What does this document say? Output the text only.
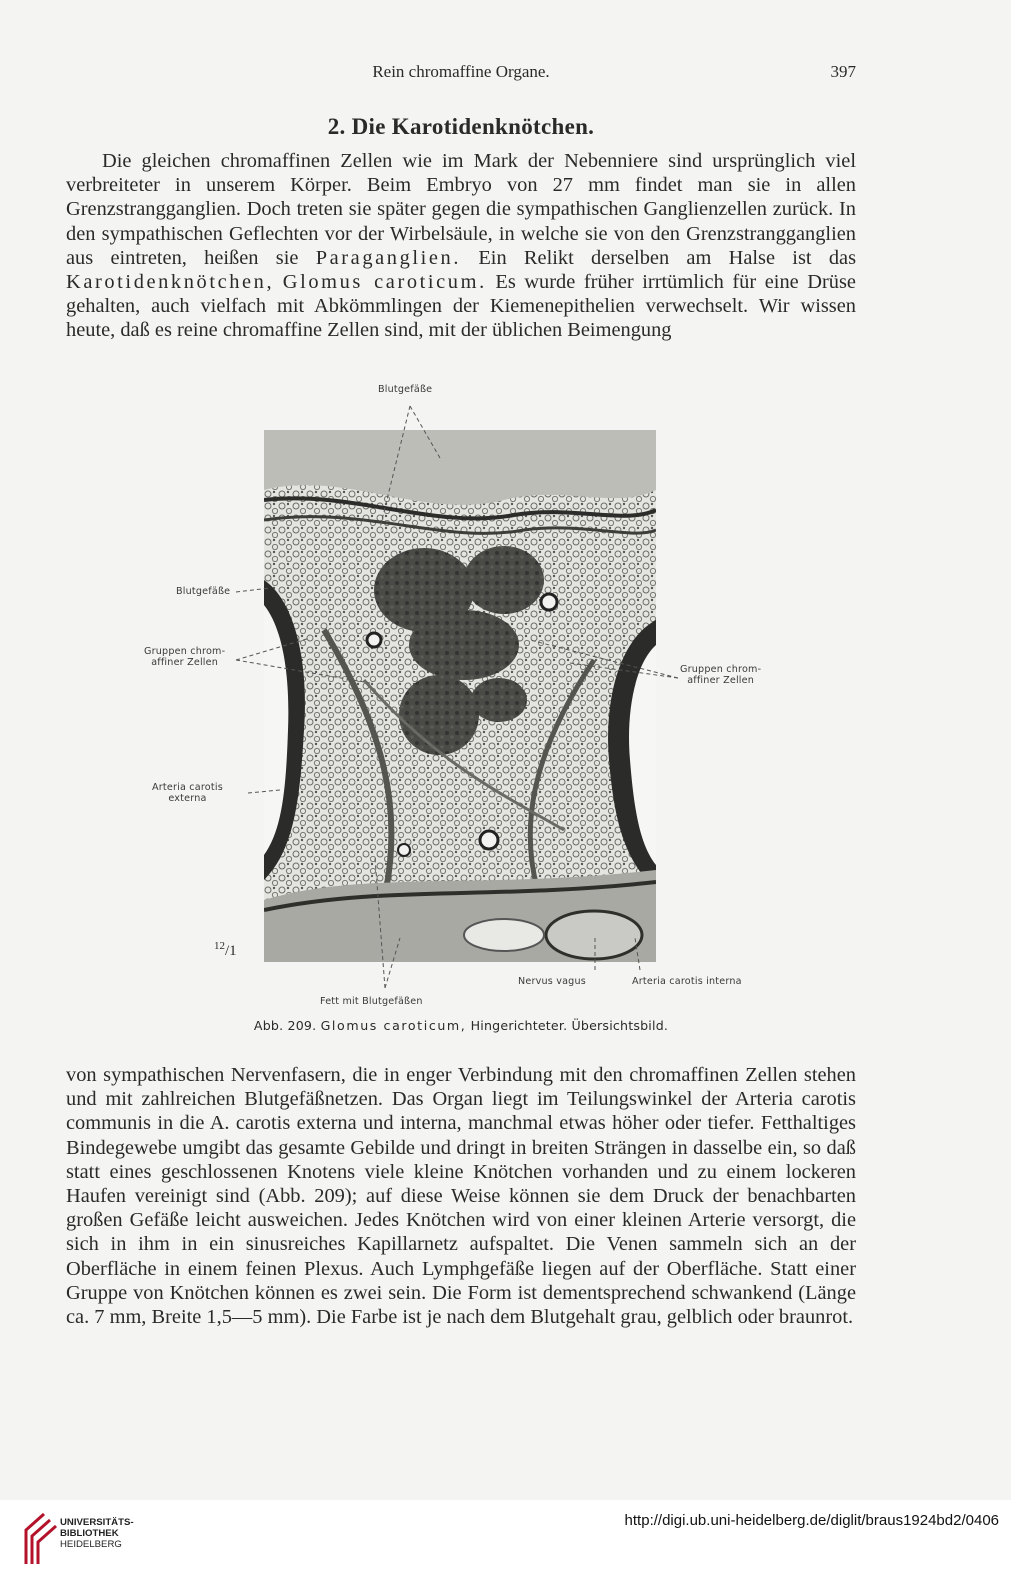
Rein chromaffine Organe.	397
2. Die Karotidenknötchen.

Die gleichen chromaffinen Zellen wie im Mark der Nebenniere sind ursprünglich viel verbreiteter in unserem Körper. Beim Embryo von 27 mm findet man sie in allen Grenzstrangganglien. Doch treten sie später gegen die sympathischen Ganglienzellen zurück. In den sympathischen Geflechten vor der Wirbelsäule, in welche sie von den Grenzstrangganglien aus eintreten, heißen sie Paraganglien. Ein Relikt derselben am Halse ist das Karotidenknötchen, Glomus caroticum. Es wurde früher irrtümlich für eine Drüse gehalten, auch vielfach mit Abkömmlingen der Kiemenepithelien verwechselt. Wir wissen heute, daß es reine chromaffine Zellen sind, mit der üblichen Beimengung

Blutgefäße
Blutgefäße
Gruppen chrom-
affiner Zellen
Gruppen chrom-
affiner Zellen
Arteria carotis
externa
Fett mit Blutgefäßen
Nervus vagus	Arteria carotis interna
$^{12}$/1
Abb. 209. Glomus caroticum, Hingerichteter. Übersichtsbild.

von sympathischen Nervenfasern, die in enger Verbindung mit den chromaffinen Zellen stehen und mit zahlreichen Blutgefäßnetzen. Das Organ liegt im Teilungswinkel der Arteria carotis communis in die A. carotis externa und interna, manchmal etwas höher oder tiefer. Fetthaltiges Bindegewebe umgibt das gesamte Gebilde und dringt in breiten Strängen in dasselbe ein, so daß statt eines geschlossenen Knotens viele kleine Knötchen vorhanden und zu einem lockeren Haufen vereinigt sind (Abb. 209); auf diese Weise können sie dem Druck der benachbarten großen Gefäße leicht ausweichen. Jedes Knötchen wird von einer kleinen Arterie versorgt, die sich in ihm in ein sinusreiches Kapillarnetz aufspaltet. Die Venen sammeln sich an der Oberfläche in einem feinen Plexus. Auch Lymphgefäße liegen auf der Oberfläche. Statt einer Gruppe von Knötchen können es zwei sein. Die Form ist dementsprechend schwankend (Länge ca. 7 mm, Breite 1,5—5 mm). Die Farbe ist je nach dem Blutgehalt grau, gelblich oder braunrot.

UNIVERSITÄTS-
BIBLIOTHEK
HEIDELBERG
http://digi.ub.uni-heidelberg.de/diglit/braus1924bd2/0406
